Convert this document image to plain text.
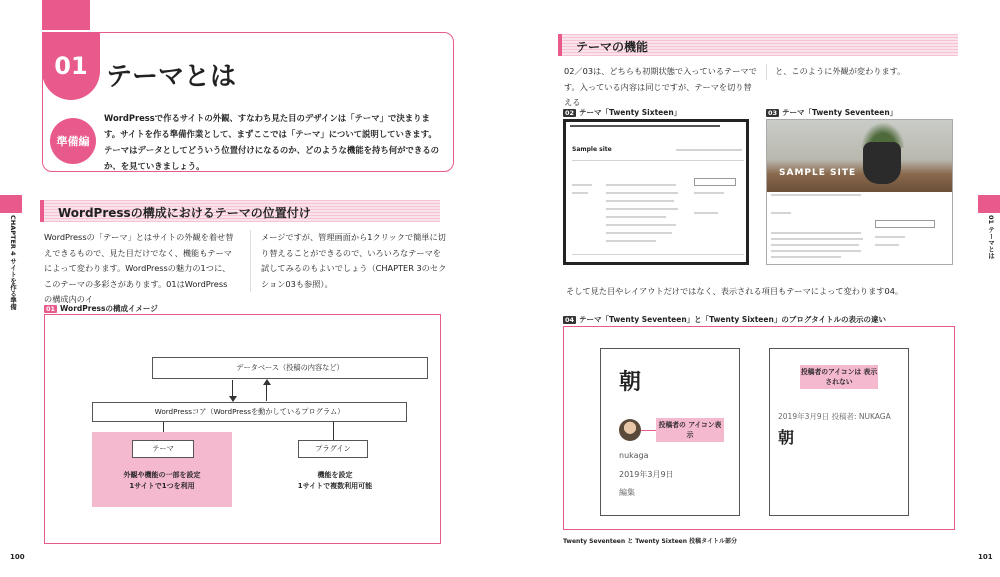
01 テーマとは
準備編
WordPressで作るサイトの外観、すなわち見た目のデザインは「テーマ」で決まります。サイトを作る準備作業として、まずここでは「テーマ」について説明していきます。テーマはデータとしてどういう位置付けになるのか、どのような機能を持ち何ができるのか、を見ていきましょう。
WordPressの構成におけるテーマの位置付け
WordPressの「テーマ」とはサイトの外観を着せ替えできるもので、見た目だけでなく、機能もテーマによって変わります。WordPressの魅力の1つに、このテーマの多彩さがあります。01はWordPressの構成内のイ
メージですが、管理画面から1クリックで簡単に切り替えることができるので、いろいろなテーマを試してみるのもよいでしょう（CHAPTER 3のセクション03も参照）。
01 WordPressの構成イメージ
データベース（投稿の内容など）
WordPressコア（WordPressを動かしているプログラム）
テーマ	プラグイン
外観や機能の一部を設定
1サイトで1つを利用
機能を設定
1サイトで複数利用可能
CHAPTER 4 サイトを作る準備
100
テーマの機能
02／03は、どちらも初期状態で入っているテーマです。入っている内容は同じですが、テーマを切り替える
と、このように外観が変わります。
02 テーマ「Twenty Sixteen」	03 テーマ「Twenty Seventeen」
Sample site
SAMPLE SITE
そして見た目やレイアウトだけではなく、表示される項目もテーマによって変わります04。
04 テーマ「Twenty Seventeen」と「Twenty Sixteen」のブログタイトルの表示の違い
朝
nukaga
2019年3月9日
編集
投稿者の アイコン表示
2019年3月9日 投稿者: NUKAGA
朝
投稿者のアイコンは 表示されない
Twenty Seventeen と Twenty Sixteen 投稿タイトル部分
01 テーマとは
101
